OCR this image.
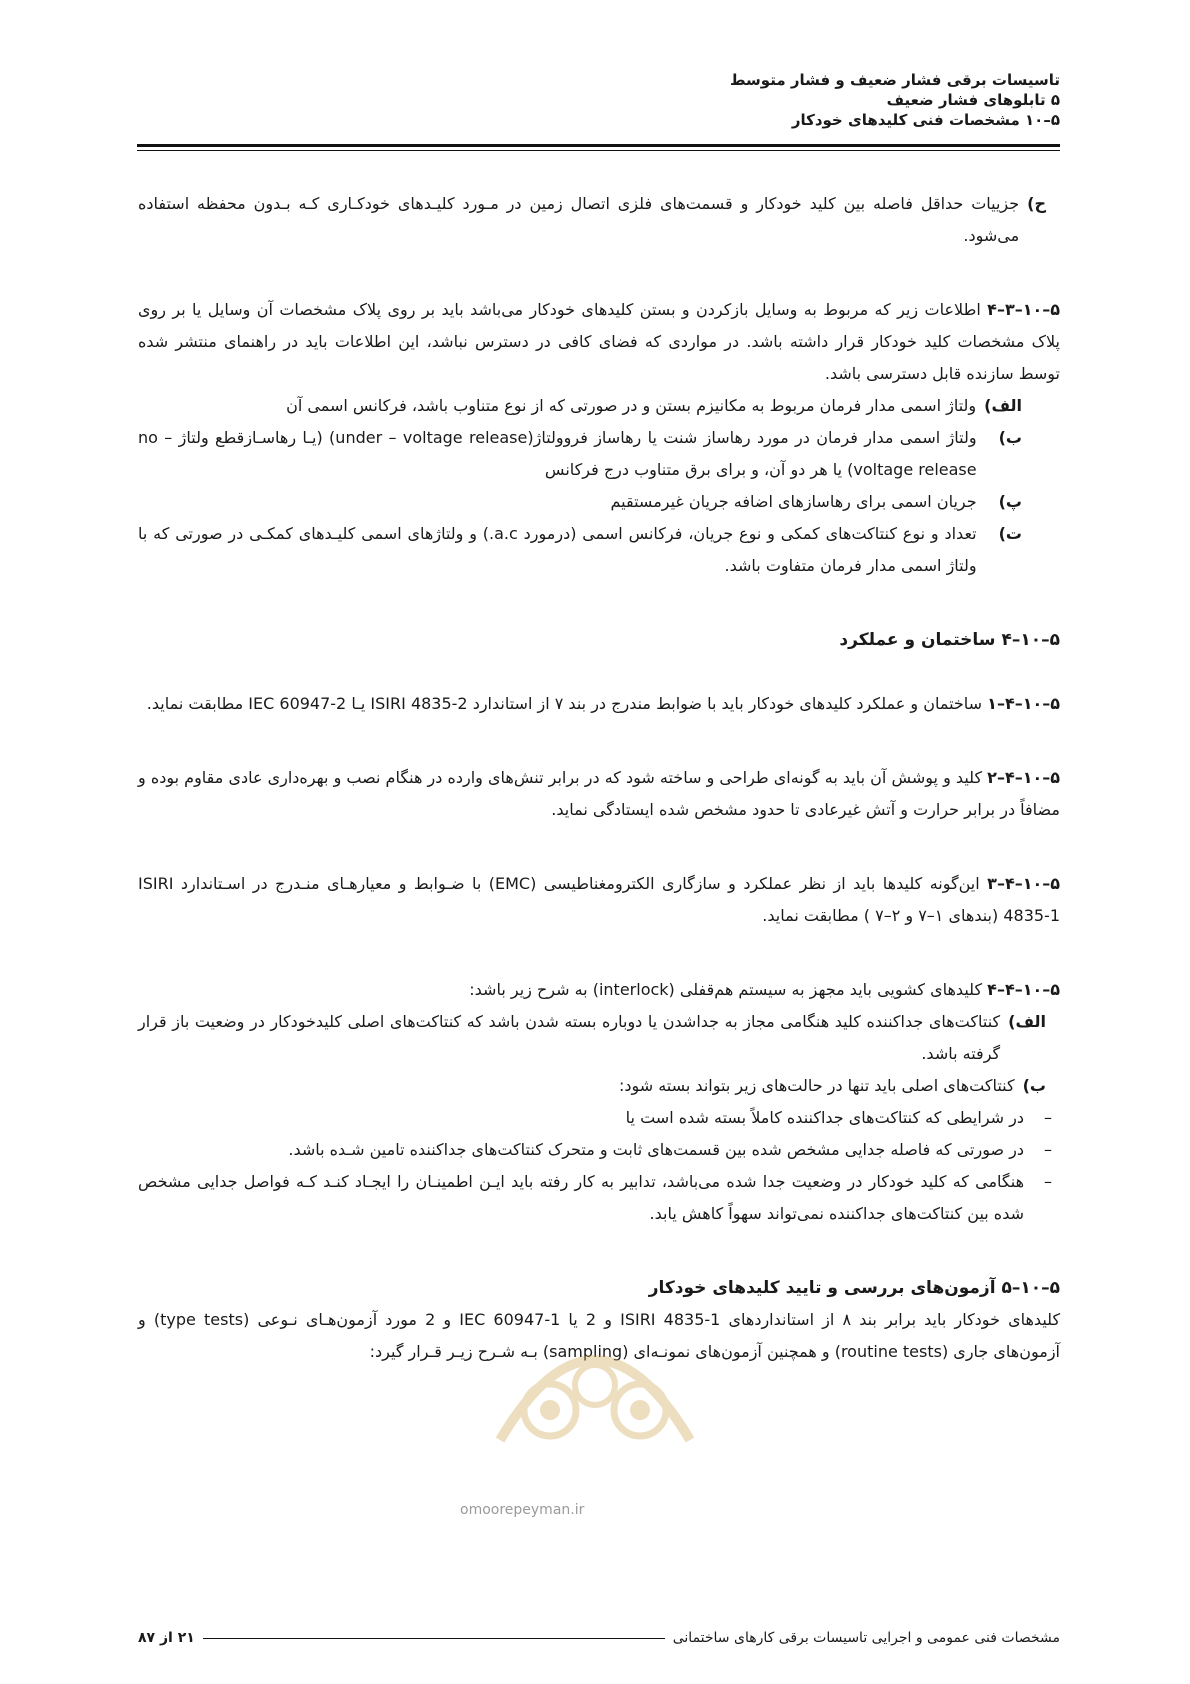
تاسیسات برقی فشار ضعیف و فشار متوسط
۵ تابلوهای فشار ضعیف
۵–۱۰ مشخصات فنی کلیدهای خودکار
ح)
جزییات حداقل فاصله بین کلید خودکار و قسمت‌های فلزی اتصال زمین در مـورد کلیـدهای خودکـاری کـه بـدون محفظه استفاده می‌شود.

۵–۱۰–۳–۴ اطلاعات زیر که مربوط به وسایل بازکردن و بستن کلیدهای خودکار می‌باشد باید بر روی پلاک مشخصات آن وسایل یا بر روی پلاک مشخصات کلید خودکار قرار داشته باشد. در مواردی که فضای کافی در دسترس نباشد، این اطلاعات باید در راهنمای منتشر شده توسط سازنده قابل دسترسی باشد.

الف)
ولتاژ اسمی مدار فرمان مربوط به مکانیزم بستن و در صورتی که از نوع متناوب باشد، فرکانس اسمی آن
ب)
ولتاژ اسمی مدار فرمان در مورد رهاساز شنت یا رهاساز فروولتاژ(under – voltage release) (یـا رهاسـازقطع ولتاژ no – voltage release) یا هر دو آن، و برای برق متناوب درج فرکانس
پ)
جریان اسمی برای رهاسازهای اضافه جریان غیرمستقیم
ت)
تعداد و نوع کنتاکت‌های کمکی و نوع جریان، فرکانس اسمی (درمورد a.c.) و ولتاژهای اسمی کلیـدهای کمکـی در صورتی که با ولتاژ اسمی مدار فرمان متفاوت باشد.

۵–۱۰–۴ ساختمان و عملکرد

۵–۱۰–۴–۱ ساختمان و عملکرد کلیدهای خودکار باید با ضوابط مندرج در بند ۷ از استاندارد ISIRI 4835-2 یـا IEC 60947-2 مطابقت نماید.

۵–۱۰–۴–۲ کلید و پوشش آن باید به گونه‌ای طراحی و ساخته شود که در برابر تنش‌های وارده در هنگام نصب و بهره‌داری عادی مقاوم بوده و مضافاً در برابر حرارت و آتش غیرعادی تا حدود مشخص شده ایستادگی نماید.

۵–۱۰–۴–۳ این‌گونه کلیدها باید از نظر عملکرد و سازگاری الکترومغناطیسی (EMC) با ضـوابط و معیارهـای منـدرج در اسـتاندارد ISIRI 4835-1 (بندهای ۱–۷ و ۲–۷ ) مطابقت نماید.

۵–۱۰–۴–۴ کلیدهای کشویی باید مجهز به سیستم هم‌قفلی (interlock) به شرح زیر باشد:

الف)
کنتاکت‌های جداکننده کلید هنگامی مجاز به جداشدن یا دوباره بسته شدن باشد که کنتاکت‌های اصلی کلیدخودکار در وضعیت باز قرار گرفته باشد.
ب)
کنتاکت‌های اصلی باید تنها در حالت‌های زیر بتواند بسته شود:
–
در شرایطی که کنتاکت‌های جداکننده کاملاً بسته شده است یا
–
در صورتی که فاصله جدایی مشخص شده بین قسمت‌های ثابت و متحرک کنتاکت‌های جداکننده تامین شـده باشد.
–
هنگامی که کلید خودکار در وضعیت جدا شده می‌باشد، تدابیر به کار رفته باید ایـن اطمینـان را ایجـاد کنـد کـه فواصل جدایی مشخص شده بین کنتاکت‌های جداکننده نمی‌تواند سهواً کاهش یابد.

۵–۱۰–۵ آزمون‌های بررسی و تایید کلیدهای خودکار

کلیدهای خودکار باید برابر بند ۸ از استانداردهای ISIRI 4835-1 و 2 یا IEC 60947-1 و 2 مورد آزمون‌هـای نـوعی (type tests) و آزمون‌های جاری (routine tests) و همچنین آزمون‌های نمونـه‌ای (sampling) بـه شـرح زیـر قـرار گیرد:

omoorepeyman.ir
مشخصات فنی عمومی و اجرایی تاسیسات برقی کارهای ساختمانی
۲۱ از ۸۷
